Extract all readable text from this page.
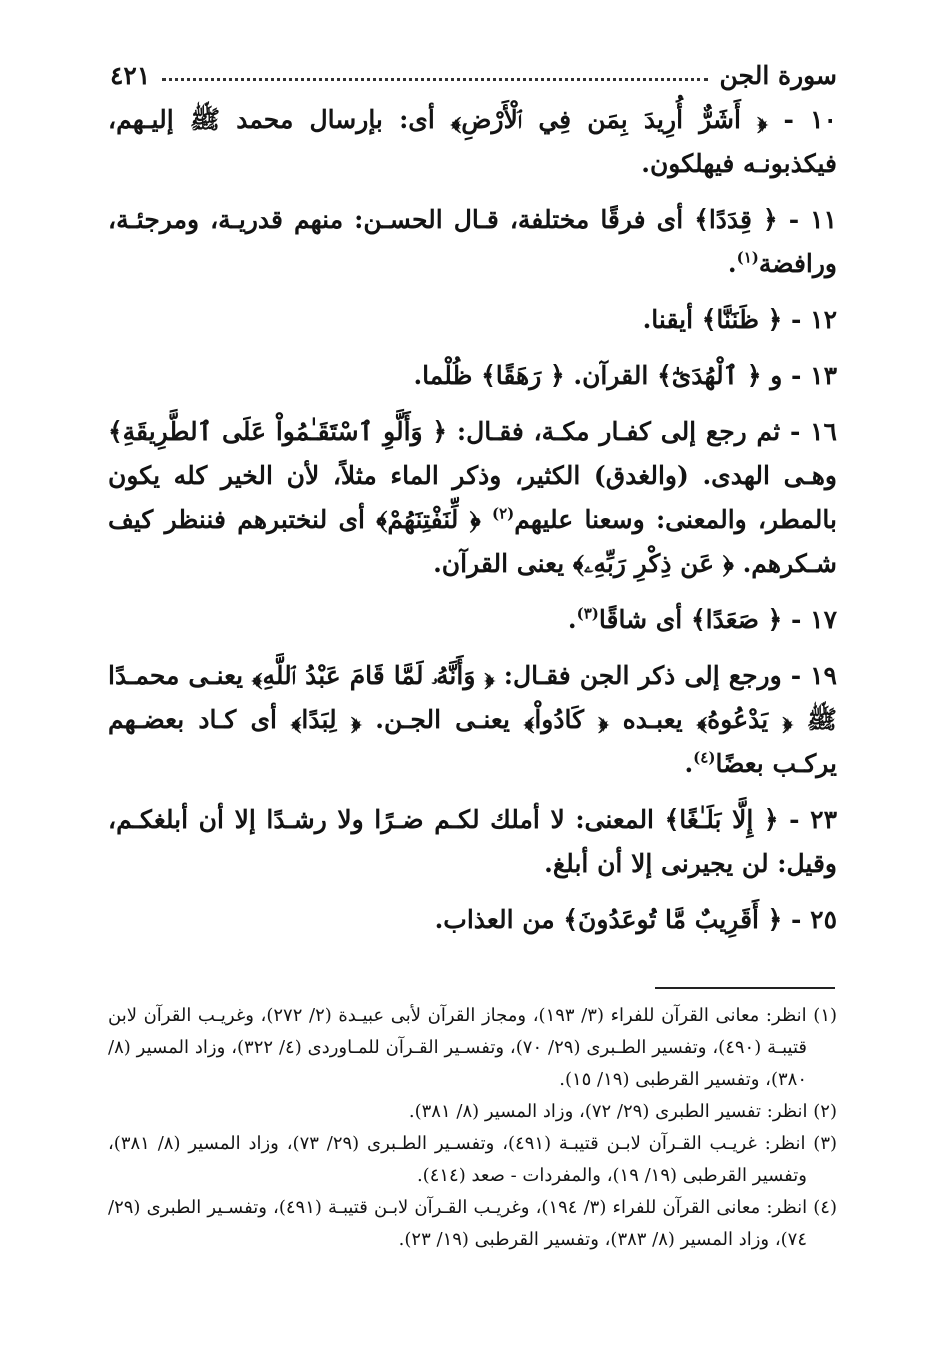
سورة الجن
٤٢١

١٠ - ﴿ أَشَرٌّ أُرِيدَ بِمَن فِي ٱلْأَرْضِ﴾ أى: بإرسال محمد ﷺ إليـهم، فيكذبونـه فيهلكون.

١١ - ﴿ قِدَدًا﴾ أى فرقًا مختلفة، قـال الحسـن: منهم قدريـة، ومرجئـة، ورافضة$^{(١)}$.

١٢ - ﴿ ظَنَنَّا﴾ أيقنا.

١٣ - و ﴿ ٱلْهُدَىٰٓ﴾ القرآن. ﴿ رَهَقًا﴾ ظُلْما.

١٦ - ثم رجع إلى كفـار مكـة، فقـال: ﴿ وَأَلَّوِ ٱسْتَقَـٰمُواْ عَلَى ٱلطَّرِيقَةِ﴾ وهـى الهدى. (والغدق) الكثير، وذكر الماء مثلاً، لأن الخير كله يكون بالمطر، والمعنى: وسعنا عليهم$^{(٢)}$ ﴿ لِّنَفْتِنَهُمْ﴾ أى لنختبرهم فننظر كيف شـكرهم. ﴿ عَن ذِكْرِ رَبِّهِۦ﴾ يعنى القرآن.

١٧ - ﴿ صَعَدًا﴾ أى شاقًا$^{(٣)}$.

١٩ - ورجع إلى ذكر الجن فقـال: ﴿ وَأَنَّهُۥ لَمَّا قَامَ عَبْدُ ٱللَّهِ﴾ يعنـى محمـدًا ﷺ ﴿ يَدْعُوهُ﴾ يعبـده ﴿ كَادُواْ﴾ يعنـى الجـن. ﴿ لِبَدًا﴾ أى كـاد بعضـهم يركـب بعضًا$^{(٤)}$.

٢٣ - ﴿ إِلَّا بَلَـٰغًا﴾ المعنى: لا أملك لكـم ضـرًا ولا رشـدًا إلا أن أبلغكـم، وقيل: لن يجيرنى إلا أن أبلغ.

٢٥ - ﴿ أَقَرِيبٌ مَّا تُوعَدُونَ﴾ من العذاب.

(١) انظر: معانى القرآن للفراء (٣/ ١٩٣)، ومجاز القرآن لأبى عبيـدة (٢/ ٢٧٢)، وغريـب القرآن لابن قتيبـة (٤٩٠)، وتفسير الطـبرى (٢٩/ ٧٠)، وتفسـير القـرآن للمـاوردى (٤/ ٣٢٢)، وزاد المسير (٨/ ٣٨٠)، وتفسير القرطبى (١٩/ ١٥).

(٢) انظر: تفسير الطبرى (٢٩/ ٧٢)، وزاد المسير (٨/ ٣٨١).

(٣) انظر: غريـب القـرآن لابـن قتيبـة (٤٩١)، وتفسـير الطـبرى (٢٩/ ٧٣)، وزاد المسير (٨/ ٣٨١)، وتفسير القرطبى (١٩/ ١٩)، والمفردات - صعد (٤١٤).

(٤) انظر: معانى القرآن للفراء (٣/ ١٩٤)، وغريـب القـرآن لابـن قتيبـة (٤٩١)، وتفسـير الطبرى (٢٩/ ٧٤)، وزاد المسير (٨/ ٣٨٣)، وتفسير القرطبى (١٩/ ٢٣).
